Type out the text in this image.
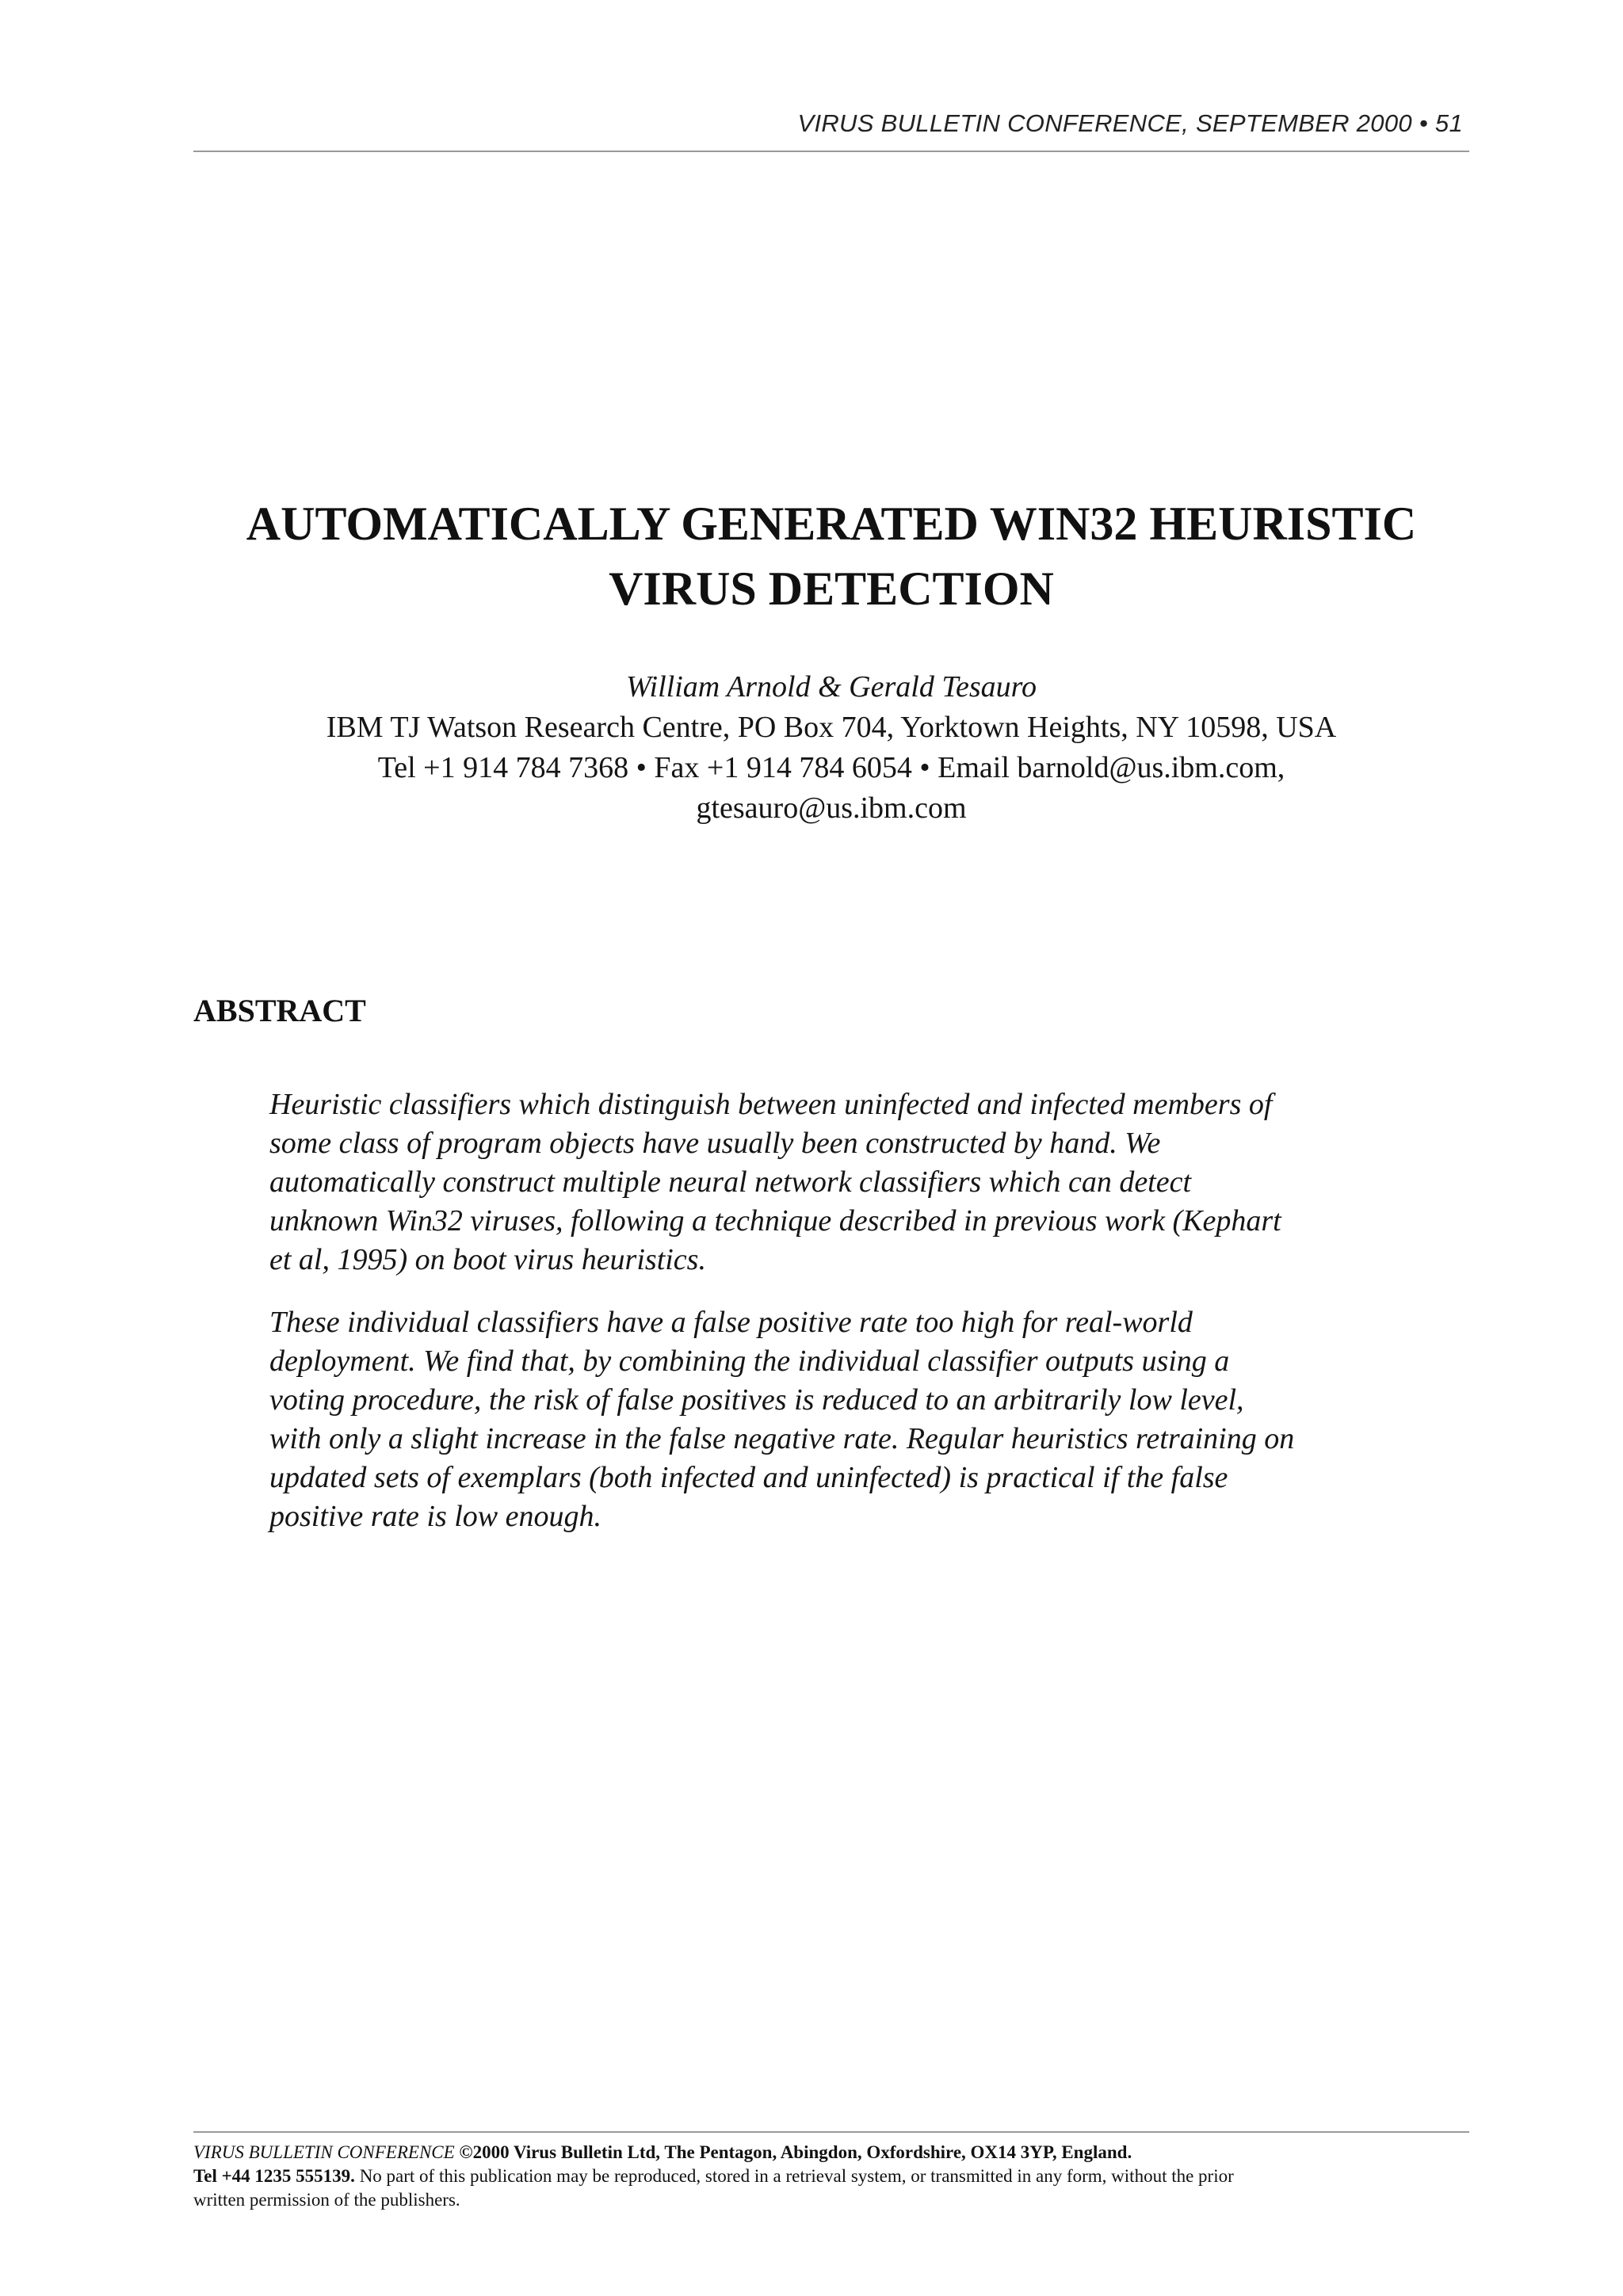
VIRUS BULLETIN CONFERENCE, SEPTEMBER 2000 • 51
AUTOMATICALLY GENERATED WIN32 HEURISTIC
VIRUS DETECTION
William Arnold & Gerald Tesauro
IBM TJ Watson Research Centre, PO Box 704, Yorktown Heights, NY 10598, USA
Tel +1 914 784 7368 • Fax +1 914 784 6054 • Email barnold@us.ibm.com,
gtesauro@us.ibm.com
ABSTRACT

Heuristic classifiers which distinguish between uninfected and infected members of
some class of program objects have usually been constructed by hand. We
automatically construct multiple neural network classifiers which can detect
unknown Win32 viruses, following a technique described in previous work (Kephart
et al, 1995) on boot virus heuristics.

These individual classifiers have a false positive rate too high for real-world
deployment. We find that, by combining the individual classifier outputs using a
voting procedure, the risk of false positives is reduced to an arbitrarily low level,
with only a slight increase in the false negative rate. Regular heuristics retraining on
updated sets of exemplars (both infected and uninfected) is practical if the false
positive rate is low enough.

VIRUS BULLETIN CONFERENCE ©2000 Virus Bulletin Ltd, The Pentagon, Abingdon, Oxfordshire, OX14 3YP, England.
Tel +44 1235 555139. No part of this publication may be reproduced, stored in a retrieval system, or transmitted in any form, without the prior
written permission of the publishers.
